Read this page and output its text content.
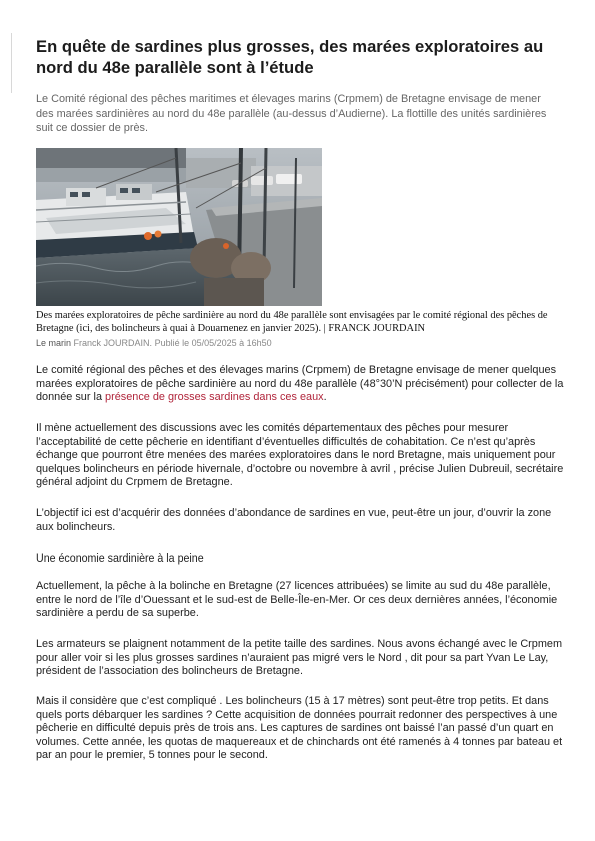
En quête de sardines plus grosses, des marées exploratoires au nord du 48e parallèle sont à l’étude

Le Comité régional des pêches maritimes et élevages marins (Crpmem) de Bretagne envisage de mener des marées sardinières au nord du 48e parallèle (au-dessus d’Audierne). La flottille des unités sardinières suit ce dossier de près.

Des marées exploratoires de pêche sardinière au nord du 48e parallèle sont envisagées par le comité régional des pêches de Bretagne (ici, des bolincheurs à quai à Douarnenez en janvier 2025). | FRANCK JOURDAIN

Le marin Franck JOURDAIN. Publié le 05/05/2025 à 16h50

Le comité régional des pêches et des élevages marins (Crpmem) de Bretagne envisage de mener quelques marées exploratoires de pêche sardinière au nord du 48e parallèle (48°30’N précisément) pour collecter de la donnée sur la présence de grosses sardines dans ces eaux.

Il mène actuellement des discussions avec les comités départementaux des pêches pour mesurer l’acceptabilité de cette pêcherie en identifiant d’éventuelles difficultés de cohabitation. Ce n’est qu’après échange que pourront être menées des marées exploratoires dans le nord Bretagne, mais uniquement pour quelques bolincheurs en période hivernale, d’octobre ou novembre à avril , précise Julien Dubreuil, secrétaire général adjoint du Crpmem de Bretagne.

L’objectif ici est d’acquérir des données d’abondance de sardines en vue, peut-être un jour, d’ouvrir la zone aux bolincheurs.

Une économie sardinière à la peine

Actuellement, la pêche à la bolinche en Bretagne (27 licences attribuées) se limite au sud du 48e parallèle, entre le nord de l’île d’Ouessant et le sud-est de Belle-Île-en-Mer. Or ces deux dernières années, l’économie sardinière a perdu de sa superbe.

Les armateurs se plaignent notamment de la petite taille des sardines. Nous avons échangé avec le Crpmem pour aller voir si les plus grosses sardines n’auraient pas migré vers le Nord , dit pour sa part Yvan Le Lay, président de l’association des bolincheurs de Bretagne.

Mais il considère que c’est compliqué . Les bolincheurs (15 à 17 mètres) sont peut-être trop petits. Et dans quels ports débarquer les sardines ? Cette acquisition de données pourrait redonner des perspectives à une pêcherie en difficulté depuis près de trois ans. Les captures de sardines ont baissé l’an passé d’un quart en volumes. Cette année, les quotas de maquereaux et de chinchards ont été ramenés à 4 tonnes par bateau et par an pour le premier, 5 tonnes pour le second.
